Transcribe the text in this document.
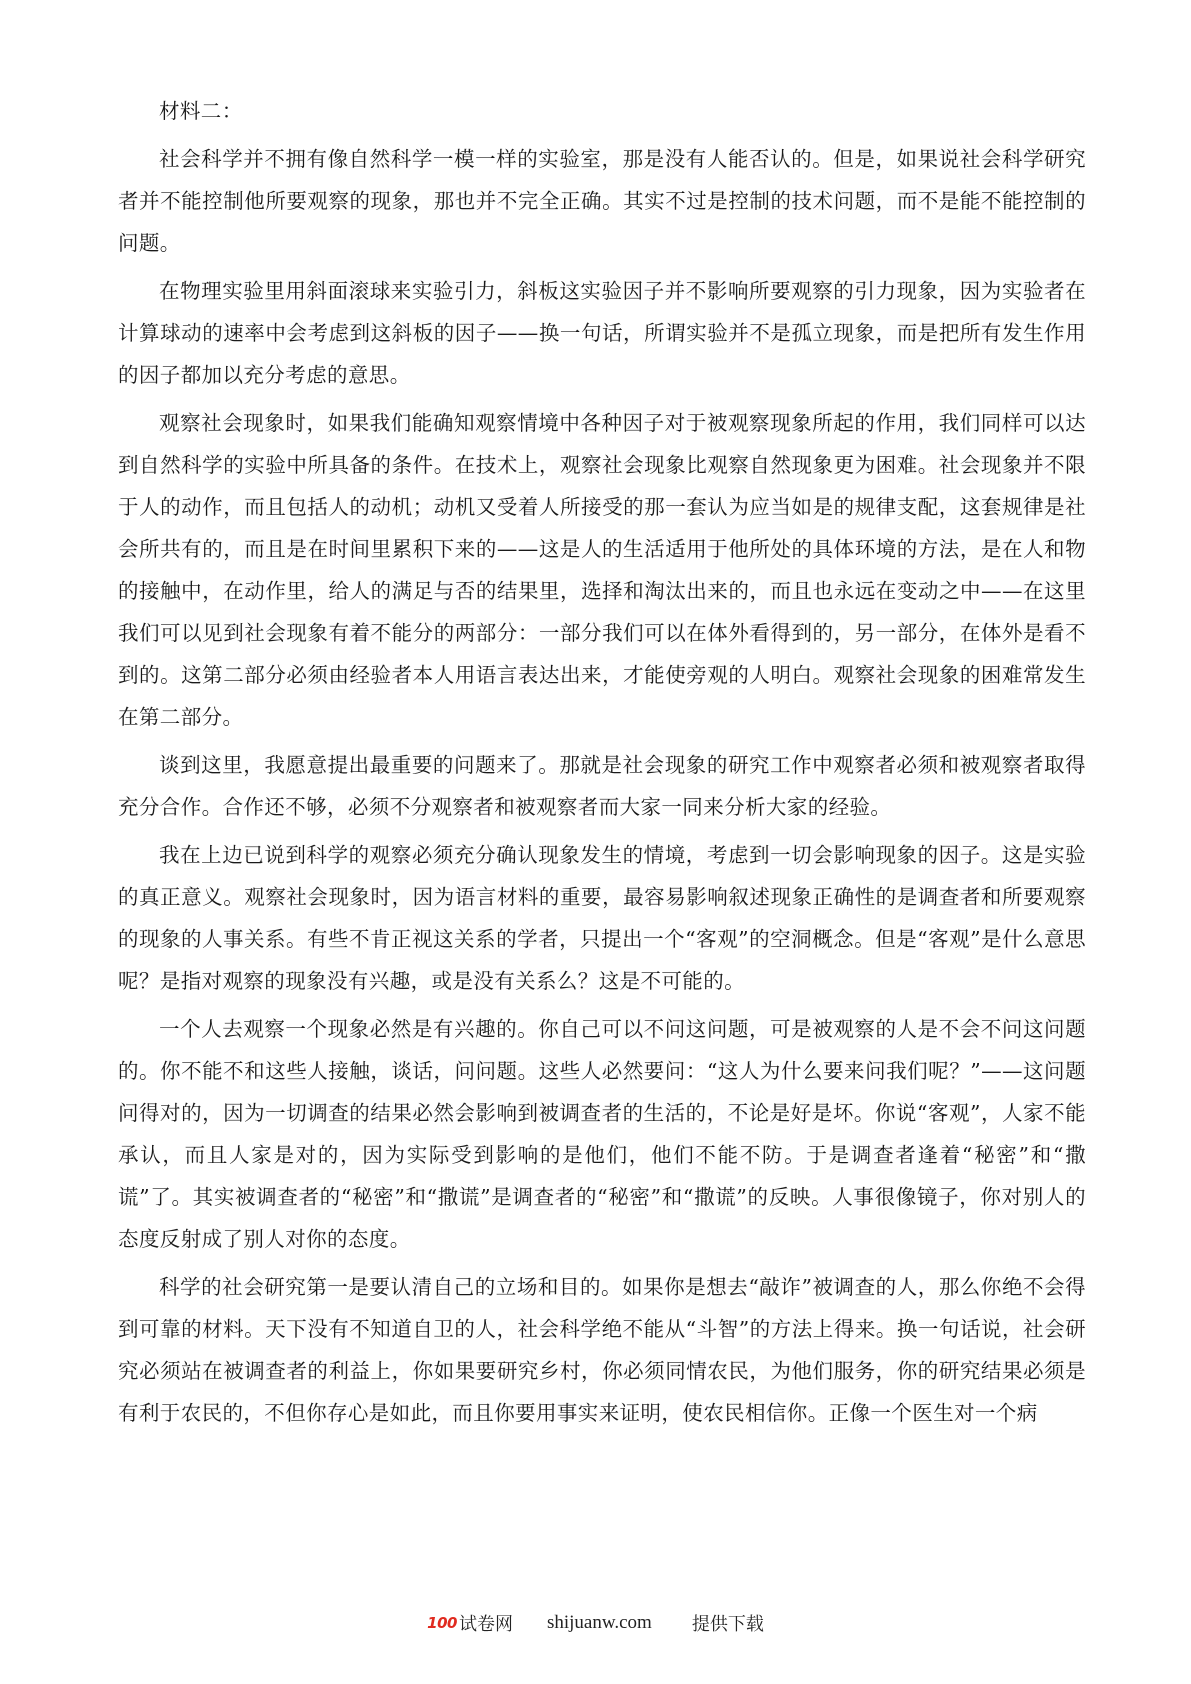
材料二：

社会科学并不拥有像自然科学一模一样的实验室，那是没有人能否认的。但是，如果说社会科学研究者并不能控制他所要观察的现象，那也并不完全正确。其实不过是控制的技术问题，而不是能不能控制的问题。

在物理实验里用斜面滚球来实验引力，斜板这实验因子并不影响所要观察的引力现象，因为实验者在计算球动的速率中会考虑到这斜板的因子——换一句话，所谓实验并不是孤立现象，而是把所有发生作用的因子都加以充分考虑的意思。

观察社会现象时，如果我们能确知观察情境中各种因子对于被观察现象所起的作用，我们同样可以达到自然科学的实验中所具备的条件。在技术上，观察社会现象比观察自然现象更为困难。社会现象并不限于人的动作，而且包括人的动机；动机又受着人所接受的那一套认为应当如是的规律支配，这套规律是社会所共有的，而且是在时间里累积下来的——这是人的生活适用于他所处的具体环境的方法，是在人和物的接触中，在动作里，给人的满足与否的结果里，选择和淘汰出来的，而且也永远在变动之中——在这里我们可以见到社会现象有着不能分的两部分：一部分我们可以在体外看得到的，另一部分，在体外是看不到的。这第二部分必须由经验者本人用语言表达出来，才能使旁观的人明白。观察社会现象的困难常发生在第二部分。

谈到这里，我愿意提出最重要的问题来了。那就是社会现象的研究工作中观察者必须和被观察者取得充分合作。合作还不够，必须不分观察者和被观察者而大家一同来分析大家的经验。

我在上边已说到科学的观察必须充分确认现象发生的情境，考虑到一切会影响现象的因子。这是实验的真正意义。观察社会现象时，因为语言材料的重要，最容易影响叙述现象正确性的是调查者和所要观察的现象的人事关系。有些不肯正视这关系的学者，只提出一个“客观”的空洞概念。但是“客观”是什么意思呢？是指对观察的现象没有兴趣，或是没有关系么？这是不可能的。

一个人去观察一个现象必然是有兴趣的。你自己可以不问这问题，可是被观察的人是不会不问这问题的。你不能不和这些人接触，谈话，问问题。这些人必然要问：“这人为什么要来问我们呢？”——这问题问得对的，因为一切调查的结果必然会影响到被调查者的生活的，不论是好是坏。你说“客观”，人家不能承认，而且人家是对的，因为实际受到影响的是他们，他们不能不防。于是调查者逢着“秘密”和“撒谎”了。其实被调查者的“秘密”和“撒谎”是调查者的“秘密”和“撒谎”的反映。人事很像镜子，你对别人的态度反射成了别人对你的态度。

科学的社会研究第一是要认清自己的立场和目的。如果你是想去“敲诈”被调查的人，那么你绝不会得到可靠的材料。天下没有不知道自卫的人，社会科学绝不能从“斗智”的方法上得来。换一句话说，社会研究必须站在被调查者的利益上，你如果要研究乡村，你必须同情农民，为他们服务，你的研究结果必须是有利于农民的，不但你存心是如此，而且你要用事实来证明，使农民相信你。正像一个医生对一个病

100 试卷网 shijuanw.com 提供下载
